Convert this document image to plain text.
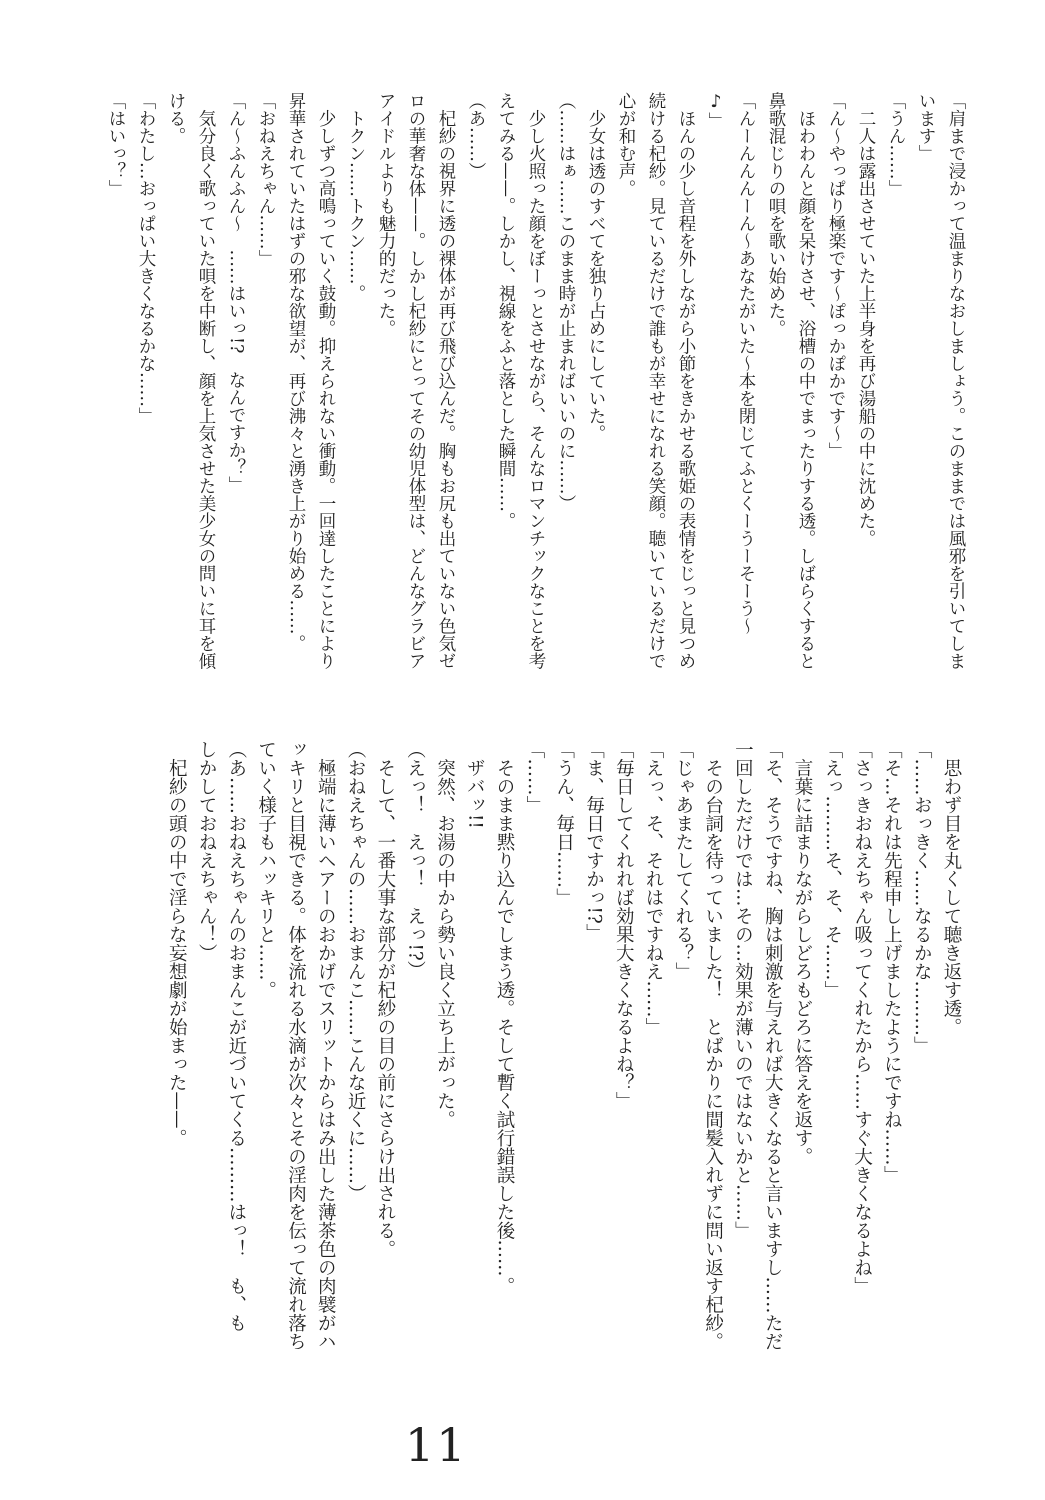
「肩まで浸かって温まりなおしましょう。このままでは風邪を引いてしま
います」
「うん……」
　二人は露出させていた上半身を再び湯船の中に沈めた。
「ん〜やっぱり極楽です〜ぽっかぽかです〜」
　ほわわんと顔を呆けさせ、浴槽の中でまったりする透。しばらくすると
鼻歌混じりの唄を歌い始めた。
「んーんんんーん〜あなたがいた〜本を閉じてふとくーうーそーう〜
♪」
　ほんの少し音程を外しながら小節をきかせる歌姫の表情をじっと見つめ
続ける杞紗。見ているだけで誰もが幸せになれる笑顔。聴いているだけで
心が和む声。
　少女は透のすべてを独り占めにしていた。
（……はぁ……このまま時が止まればいいのに……）
　少し火照った顔をぼーっとさせながら、そんなロマンチックなことを考
えてみる——。しかし、視線をふと落とした瞬間……。
（あ……）
　杞紗の視界に透の裸体が再び飛び込んだ。胸もお尻も出ていない色気ゼ
ロの華奢な体——。しかし杞紗にとってその幼児体型は、どんなグラビア
アイドルよりも魅力的だった。
　トクン……トクン……。
　少しずつ高鳴っていく鼓動。抑えられない衝動。一回達したことにより
昇華されていたはずの邪な欲望が、再び沸々と湧き上がり始める……。
「おねえちゃん……」
「ん〜ふんふん〜　……はいっ!?　なんですか？」
　気分良く歌っていた唄を中断し、顔を上気させた美少女の問いに耳を傾
ける。
「わたし…おっぱい大きくなるかな……」
「はいっ？」
　思わず目を丸くして聴き返す透。
「……おっきく……なるかな………」
「そ…それは先程申し上げましたようにですね……」
「さっきおねえちゃん吸ってくれたから……すぐ大きくなるよね」
「えっ………そ、そ、そ……」
　言葉に詰まりながらしどろもどろに答えを返す。
「そ、そうですね、胸は刺激を与えれば大きくなると言いますし……ただ
一回しただけでは…その…効果が薄いのではないかと……」
　その台詞を待っていました！　とばかりに間髪入れずに問い返す杞紗。
「じゃあまたしてくれる？」
「えっ、そ、それはですねえ……」
「毎日してくれれば効果大きくなるよね？」
「ま、毎日ですかっ!?」
「うん、毎日……」
「……」
　そのまま黙り込んでしまう透。そして暫く試行錯誤した後……。
　ザバッ!!
　突然、お湯の中から勢い良く立ち上がった。
（えっ！　えっ！　えっ!?）
　そして、一番大事な部分が杞紗の目の前にさらけ出される。
（おねえちゃんの……おまんこ……こんな近くに……）
　極端に薄いヘアーのおかげでスリットからはみ出した薄茶色の肉襞がハ
ッキリと目視できる。体を流れる水滴が次々とその淫肉を伝って流れ落ち
ていく様子もハッキリと……。
（あ……おねえちゃんのおまんこが近づいてくる………はっ！　も、も
しかしておねえちゃん！）
　杞紗の頭の中で淫らな妄想劇が始まった——。
11
